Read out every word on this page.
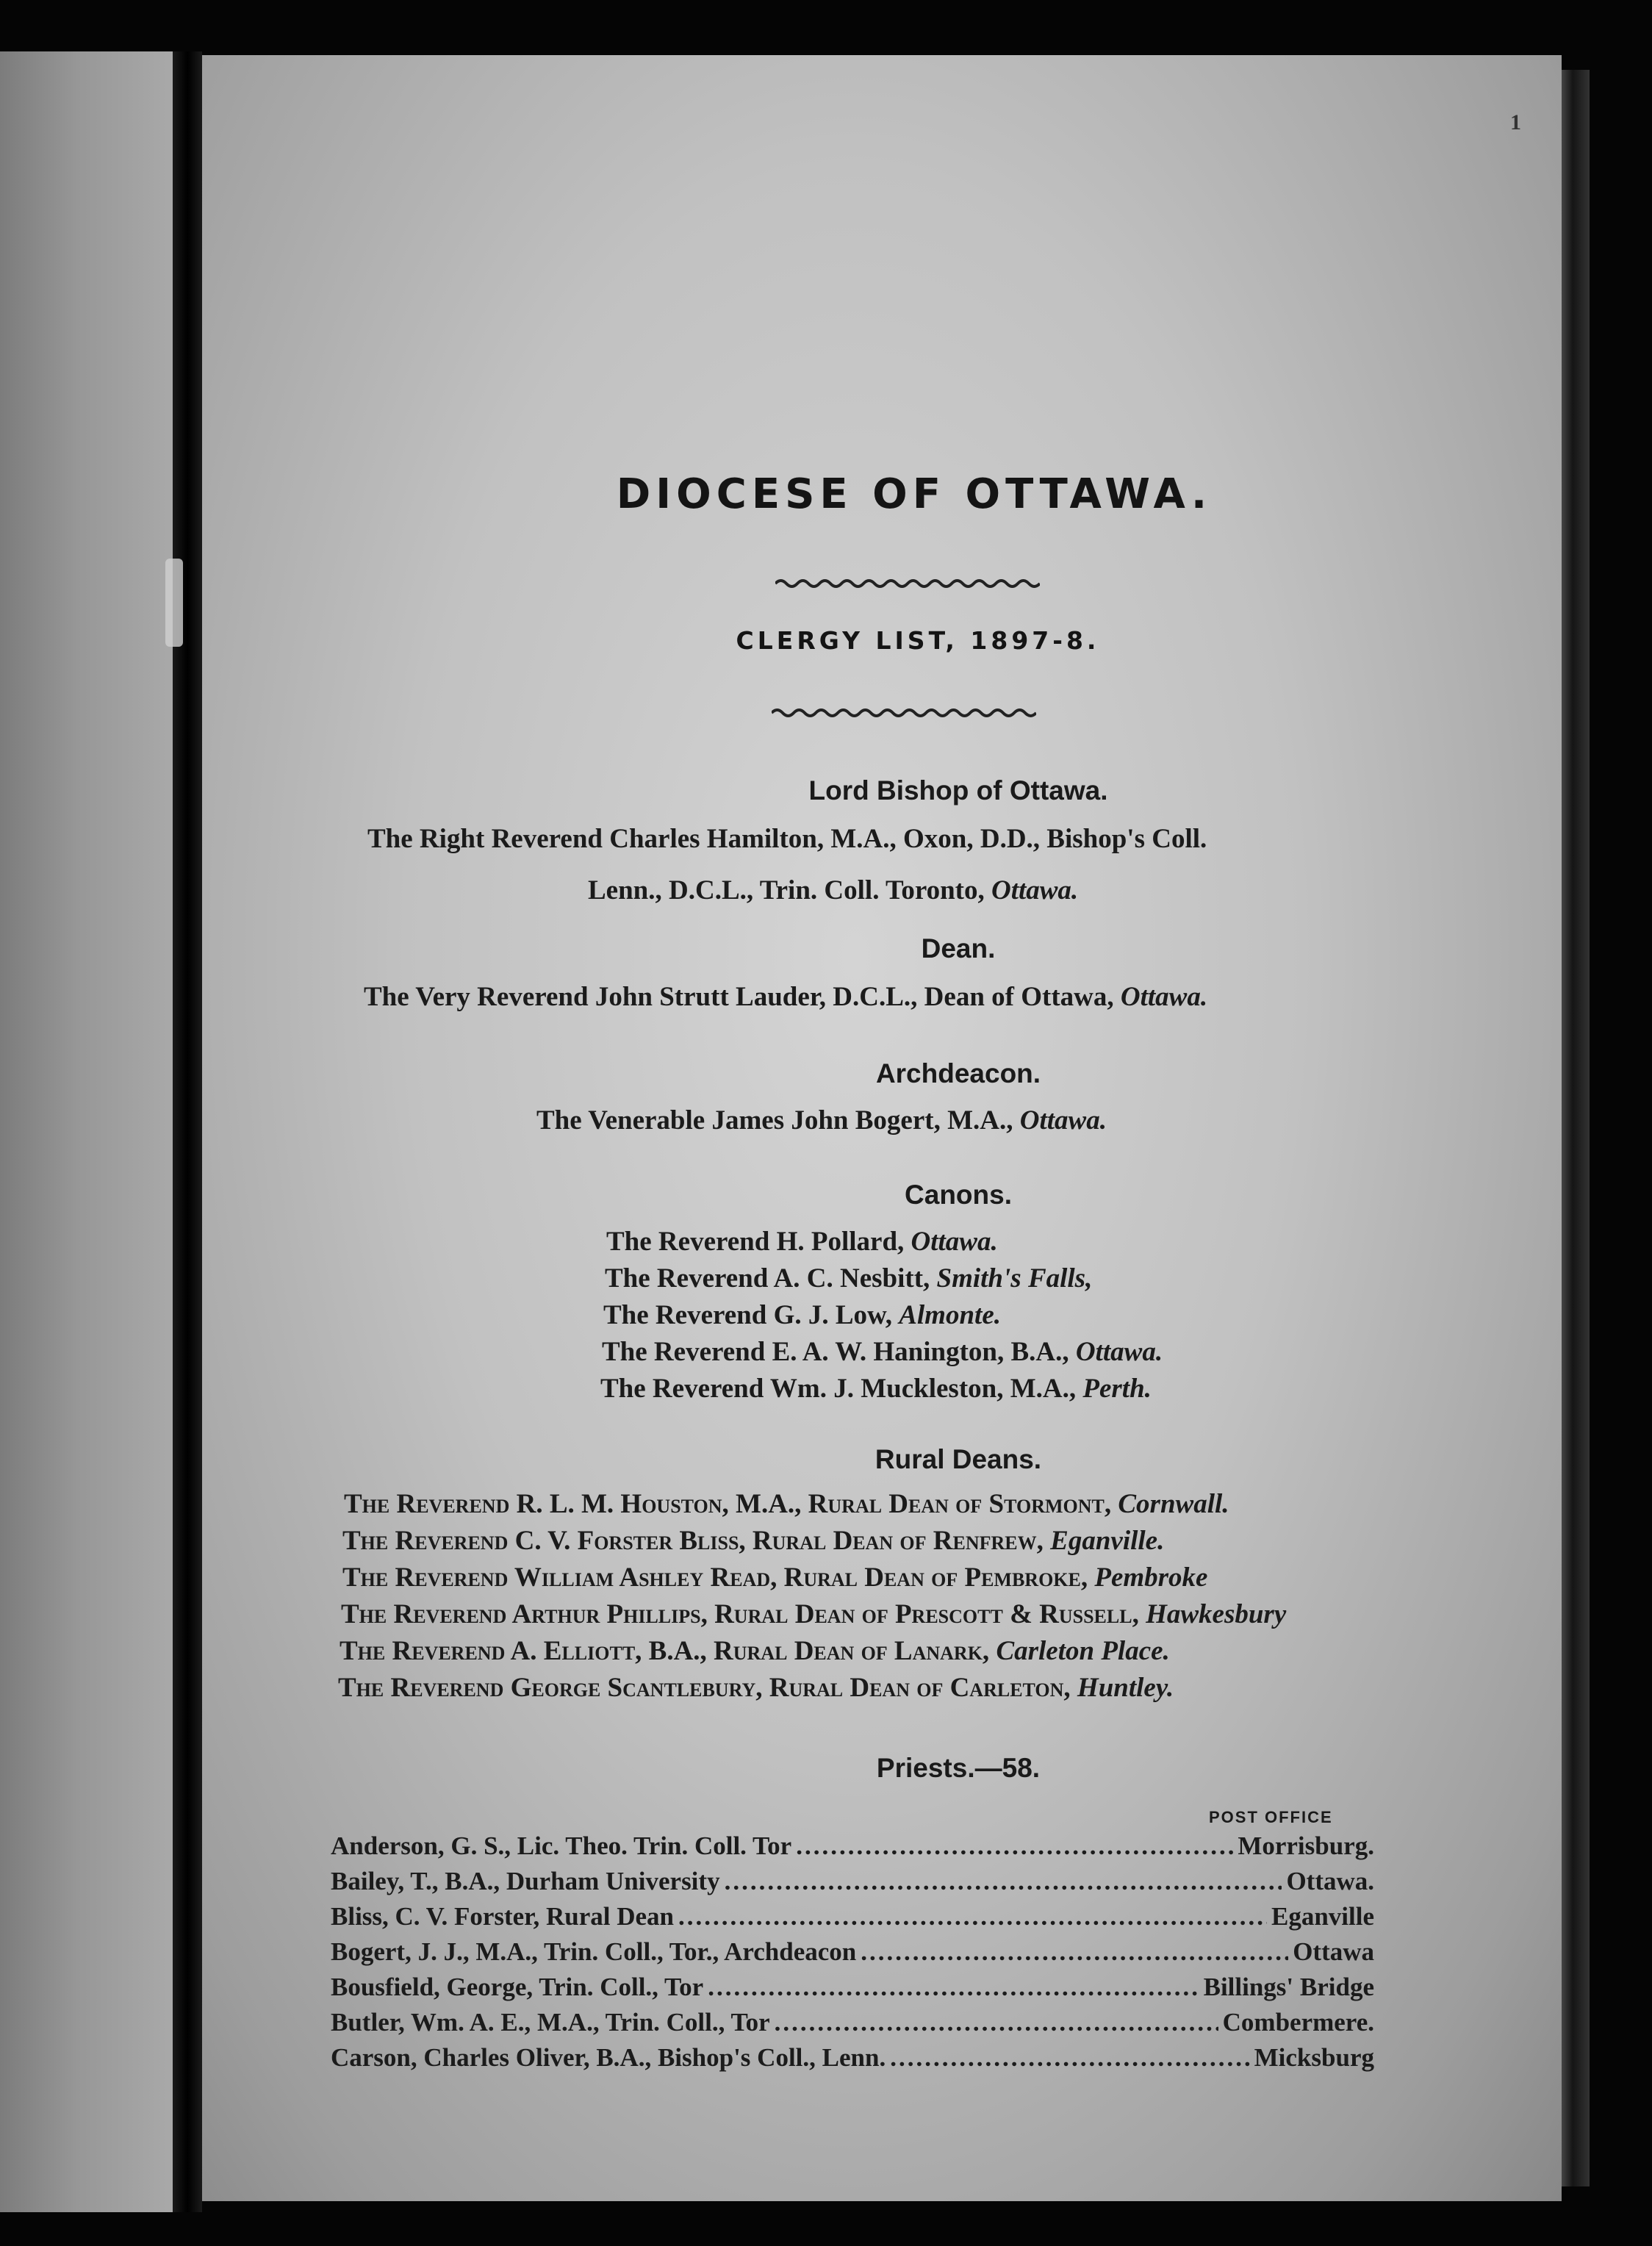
1
DIOCESE OF OTTAWA.
CLERGY LIST, 1897-8.
Lord Bishop of Ottawa.
The Right Reverend Charles Hamilton, M.A., Oxon, D.D., Bishop's Coll.
Lenn., D.C.L., Trin. Coll. Toronto, Ottawa.
Dean.
The Very Reverend John Strutt Lauder, D.C.L., Dean of Ottawa, Ottawa.
Archdeacon.
The Venerable James John Bogert, M.A., Ottawa.
Canons.
The Reverend H. Pollard, Ottawa.
The Reverend A. C. Nesbitt, Smith's Falls,
The Reverend G. J. Low, Almonte.
The Reverend E. A. W. Hanington, B.A., Ottawa.
The Reverend Wm. J. Muckleston, M.A., Perth.
Rural Deans.
The Reverend R. L. M. Houston, M.A., Rural Dean of Stormont, Cornwall.
The Reverend C. V. Forster Bliss, Rural Dean of Renfrew, Eganville.
The Reverend William Ashley Read, Rural Dean of Pembroke, Pembroke
The Reverend Arthur Phillips, Rural Dean of Prescott & Russell, Hawkesbury
The Reverend A. Elliott, B.A., Rural Dean of Lanark, Carleton Place.
The Reverend George Scantlebury, Rural Dean of Carleton, Huntley.
Priests.—58.
POST OFFICE
Anderson, G. S., Lic. Theo. Trin. Coll. Tor .....	Morrisburg.
Bailey, T., B.A., Durham University .....	Ottawa.
Bliss, C. V. Forster, Rural Dean .....	Eganville
Bogert, J. J., M.A., Trin. Coll., Tor., Archdeacon .....	Ottawa
Bousfield, George, Trin. Coll., Tor .....	Billings' Bridge
Butler, Wm. A. E., M.A., Trin. Coll., Tor .....	Combermere.
Carson, Charles Oliver, B.A., Bishop's Coll., Lenn. .....	Micksburg
